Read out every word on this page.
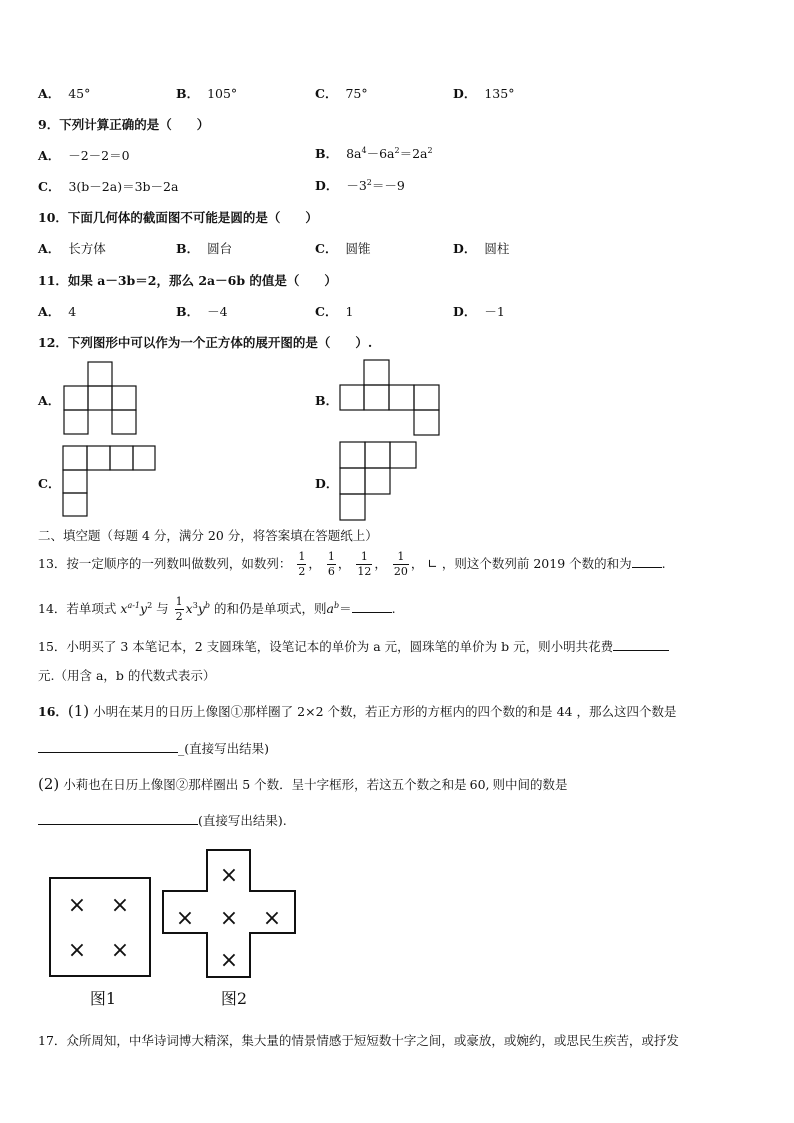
A． 45°	B． 105°	C． 75°	D． 135°
9．下列计算正确的是（　　）
A． －2－2＝0	B． $8a^4-6a^2=2a^2$
C． 3(b－2a)＝3b－2a	D． $-3^2=-9$
10．下面几何体的截面图不可能是圆的是（　　）
A． 长方体	B． 圆台	C． 圆锥	D． 圆柱
11．如果 a－3b＝2，那么 2a－6b 的值是（　　）
A． 4	B． －4	C． 1	D． －1
12．下列图形中可以作为一个正方体的展开图的是（　　）.
A．	B．
C．	D．
二、填空题（每题 4 分，满分 20 分，将答案填在答题纸上）
13．按一定顺序的一列数叫做数列，如数列： $\frac{1}{2}$ ， $\frac{1}{6}$ ， $\frac{1}{12}$ ， $\frac{1}{20}$ ， ∟ ，则这个数列前 2019 个数的和为 .
14．若单项式 $x^{a-1}y^2$ 与 $\frac{1}{2} x^3y^b$ 的和仍是单项式，则$a^b=$	.
15．小明买了 3 本笔记本，2 支圆珠笔，设笔记本的单价为 a 元，圆珠笔的单价为 b 元，则小明共花费
元.（用含 a，b 的代数式表示）
16．(1) 小明在某月的日历上像图①那样圈了 2×2 个数，若正方形的方框内的四个数的和是 44 ，那么这四个数是
_(直接写出结果)
(2) 小莉也在日历上像图②那样圈出 5 个数．呈十字框形，若这五个数之和是 60, 则中间的数是
(直接写出结果).
× ×
× ×
×
× × ×
×
图1	图2
17．众所周知，中华诗词博大精深，集大量的情景情感于短短数十字之间，或豪放，或婉约，或思民生疾苦，或抒发
